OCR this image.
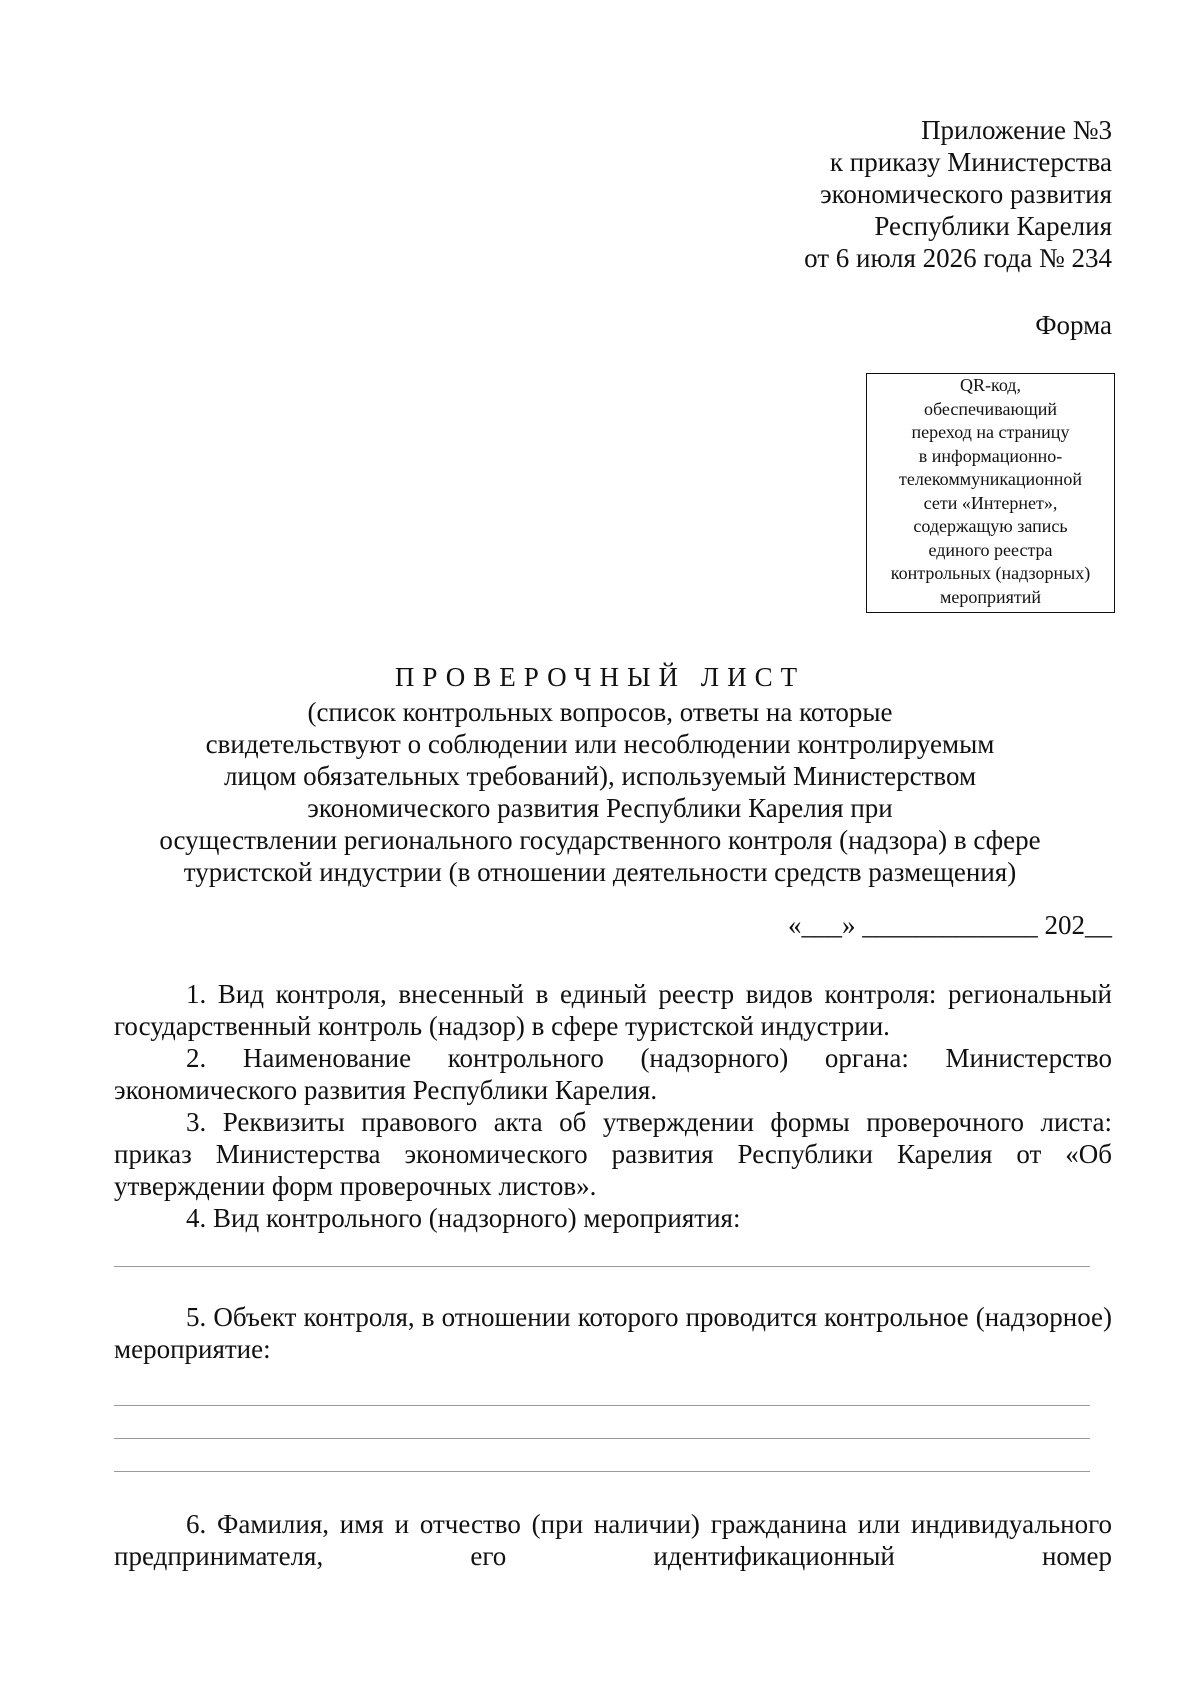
Приложение №3
к приказу Министерства
экономического развития
Республики Карелия
от 6 июля 2026 года № 234
Форма
QR-код,
обеспечивающий
переход на страницу
в информационно-
телекоммуникационной
сети «Интернет»,
содержащую запись
единого реестра
контрольных (надзорных)
мероприятий
ПРОВЕРОЧНЫЙ ЛИСТ
(список контрольных вопросов, ответы на которые
свидетельствуют о соблюдении или несоблюдении контролируемым
лицом обязательных требований), используемый Министерством
экономического развития Республики Карелия при
осуществлении регионального государственного контроля (надзора) в сфере
туристской индустрии (в отношении деятельности средств размещения)
«___» _____________ 202__

1. Вид контроля, внесенный в единый реестр видов контроля: региональный государственный контроль (надзор) в сфере туристской индустрии.

2. Наименование контрольного (надзорного) органа: Министерство экономического развития Республики Карелия.

3. Реквизиты правового акта об утверждении формы проверочного листа: приказ Министерства экономического развития Республики Карелия от «Об утверждении форм проверочных листов».

4. Вид контрольного (надзорного) мероприятия:

5. Объект контроля, в отношении которого проводится контрольное (надзорное) мероприятие:

6. Фамилия, имя и отчество (при наличии) гражданина или индивидуального предпринимателя, его идентификационный номер
